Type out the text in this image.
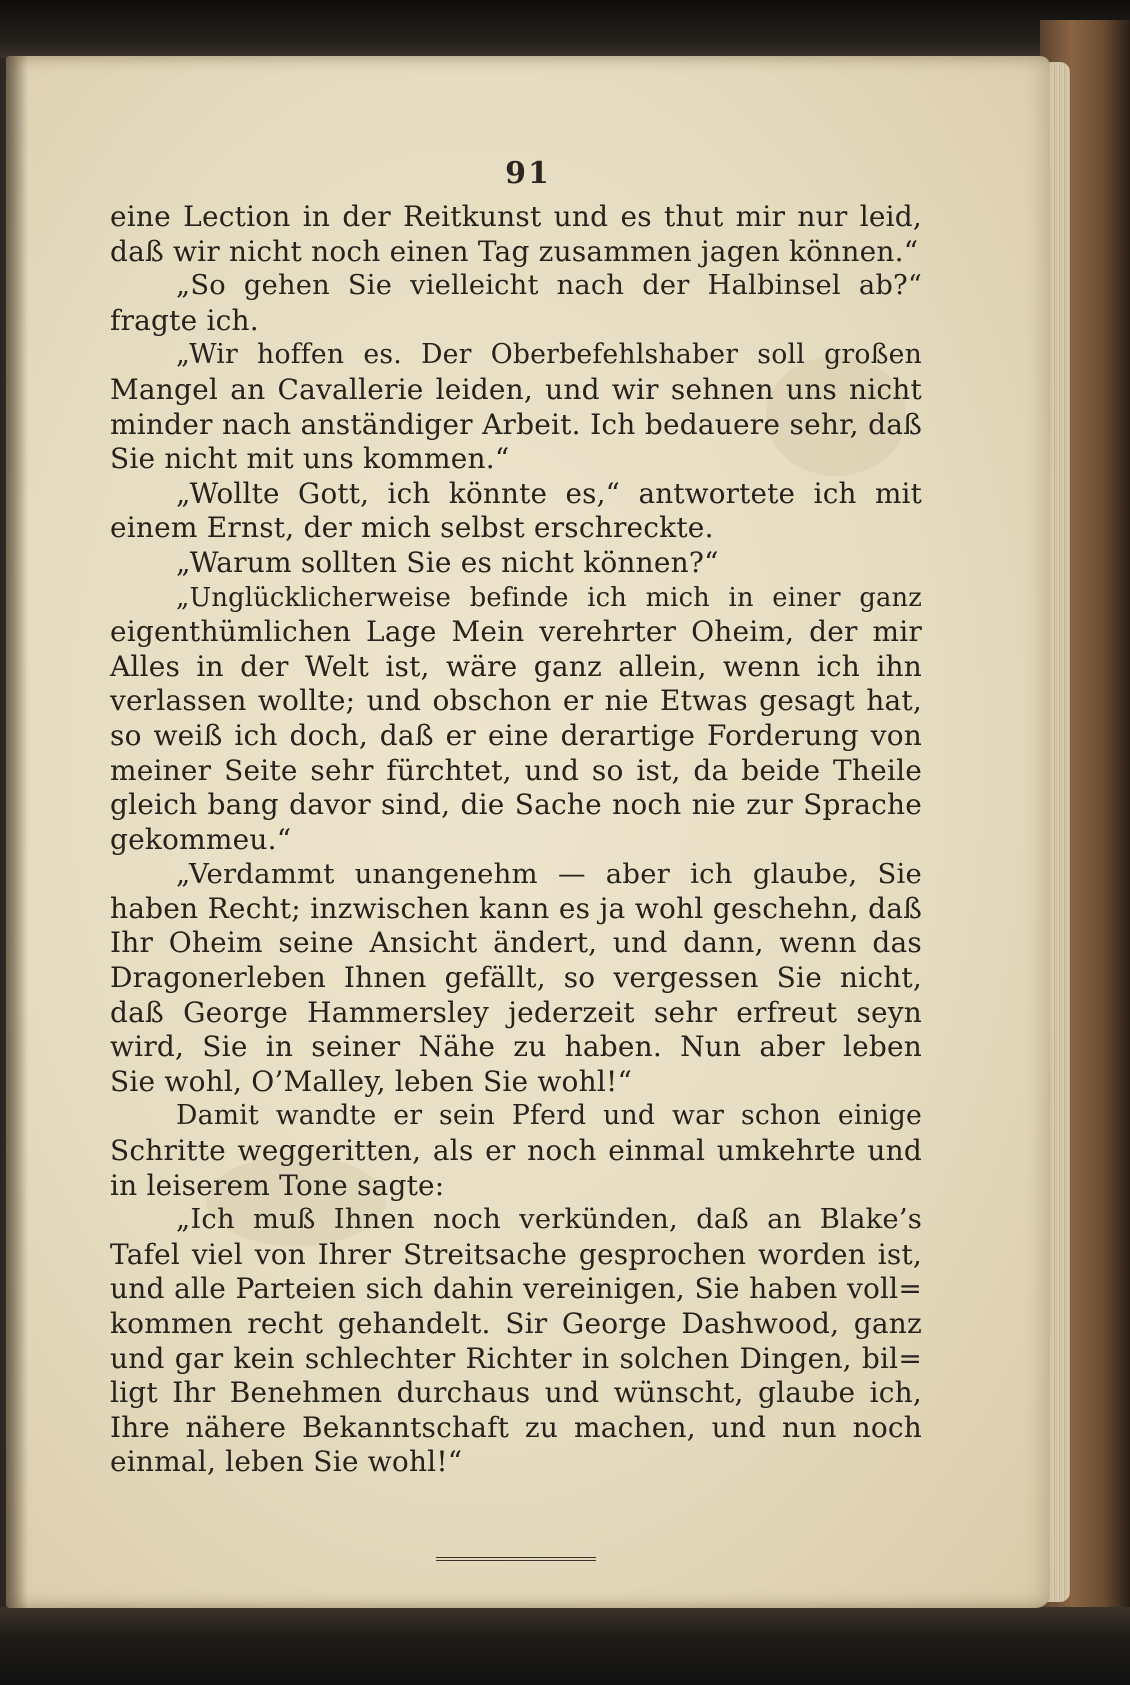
91
eine Lection in der Reitkunst und es thut mir nur leid,
daß wir nicht noch einen Tag zusammen jagen können.“
„So gehen Sie vielleicht nach der Halbinsel ab?“
fragte ich.
„Wir hoffen es. Der Oberbefehlshaber soll großen
Mangel an Cavallerie leiden, und wir sehnen uns nicht
minder nach anständiger Arbeit. Ich bedauere sehr, daß
Sie nicht mit uns kommen.“
„Wollte Gott, ich könnte es,“ antwortete ich mit
einem Ernst, der mich selbst erschreckte.
„Warum sollten Sie es nicht können?“
„Unglücklicherweise befinde ich mich in einer ganz
eigenthümlichen Lage Mein verehrter Oheim, der mir
Alles in der Welt ist, wäre ganz allein, wenn ich ihn
verlassen wollte; und obschon er nie Etwas gesagt hat,
so weiß ich doch, daß er eine derartige Forderung von
meiner Seite sehr fürchtet, und so ist, da beide Theile
gleich bang davor sind, die Sache noch nie zur Sprache
gekommeu.“
„Verdammt unangenehm — aber ich glaube, Sie
haben Recht; inzwischen kann es ja wohl geschehn, daß
Ihr Oheim seine Ansicht ändert, und dann, wenn das
Dragonerleben Ihnen gefällt, so vergessen Sie nicht,
daß George Hammersley jederzeit sehr erfreut seyn
wird, Sie in seiner Nähe zu haben. Nun aber leben
Sie wohl, O’Malley, leben Sie wohl!“
Damit wandte er sein Pferd und war schon einige
Schritte weggeritten, als er noch einmal umkehrte und
in leiserem Tone sagte:
„Ich muß Ihnen noch verkünden, daß an Blake’s
Tafel viel von Ihrer Streitsache gesprochen worden ist,
und alle Parteien sich dahin vereinigen, Sie haben voll=
kommen recht gehandelt. Sir George Dashwood, ganz
und gar kein schlechter Richter in solchen Dingen, bil=
ligt Ihr Benehmen durchaus und wünscht, glaube ich,
Ihre nähere Bekanntschaft zu machen, und nun noch
einmal, leben Sie wohl!“
